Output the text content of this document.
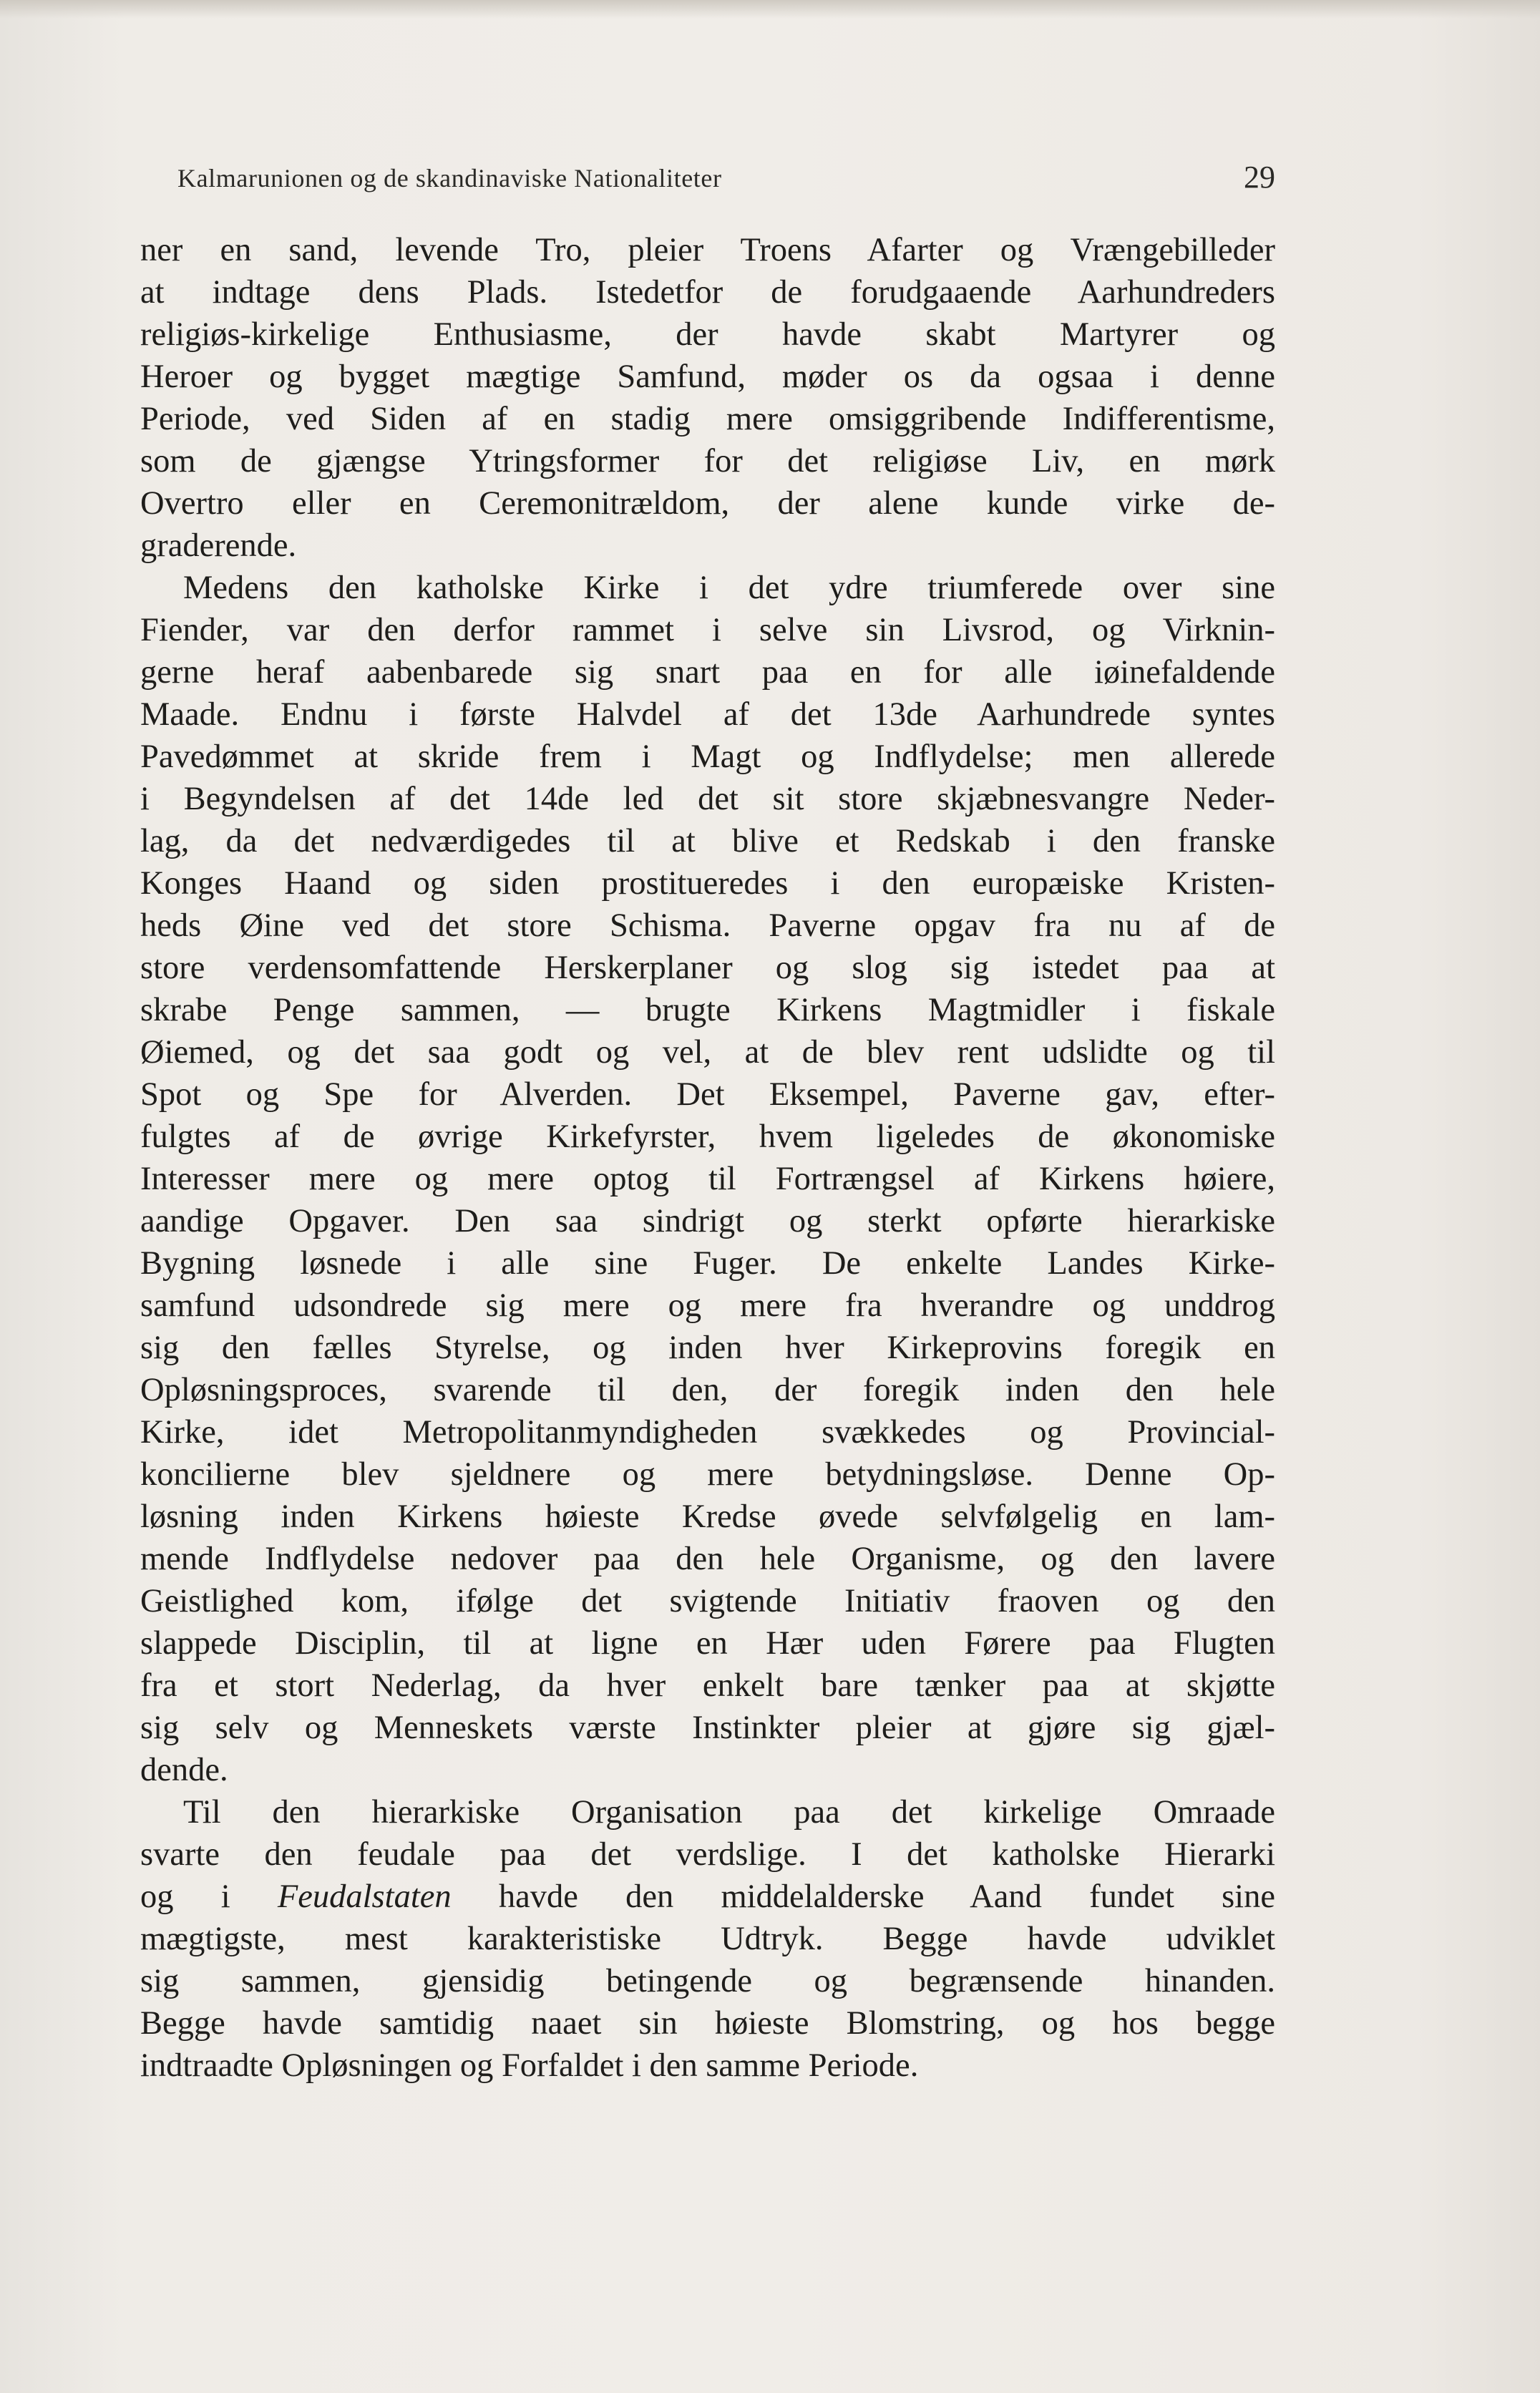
Kalmarunionen og de skandinaviske Nationaliteter	29
ner en sand, levende Tro, pleier Troens Afarter og Vrængebilleder
at indtage dens Plads. Istedetfor de forudgaaende Aarhundreders
religiøs-kirkelige Enthusiasme, der havde skabt Martyrer og
Heroer og bygget mægtige Samfund, møder os da ogsaa i denne
Periode, ved Siden af en stadig mere omsiggribende Indifferentisme,
som de gjængse Ytringsformer for det religiøse Liv, en mørk
Overtro eller en Ceremonitrældom, der alene kunde virke de-
graderende.
Medens den katholske Kirke i det ydre triumferede over sine
Fiender, var den derfor rammet i selve sin Livsrod, og Virknin-
gerne heraf aabenbarede sig snart paa en for alle iøinefaldende
Maade. Endnu i første Halvdel af det 13de Aarhundrede syntes
Pavedømmet at skride frem i Magt og Indflydelse; men allerede
i Begyndelsen af det 14de led det sit store skjæbnesvangre Neder-
lag, da det nedværdigedes til at blive et Redskab i den franske
Konges Haand og siden prostitueredes i den europæiske Kristen-
heds Øine ved det store Schisma. Paverne opgav fra nu af de
store verdensomfattende Herskerplaner og slog sig istedet paa at
skrabe Penge sammen, — brugte Kirkens Magtmidler i fiskale
Øiemed, og det saa godt og vel, at de blev rent udslidte og til
Spot og Spe for Alverden. Det Eksempel, Paverne gav, efter-
fulgtes af de øvrige Kirkefyrster, hvem ligeledes de økonomiske
Interesser mere og mere optog til Fortrængsel af Kirkens høiere,
aandige Opgaver. Den saa sindrigt og sterkt opførte hierarkiske
Bygning løsnede i alle sine Fuger. De enkelte Landes Kirke-
samfund udsondrede sig mere og mere fra hverandre og unddrog
sig den fælles Styrelse, og inden hver Kirkeprovins foregik en
Opløsningsproces, svarende til den, der foregik inden den hele
Kirke, idet Metropolitanmyndigheden svækkedes og Provincial-
koncilierne blev sjeldnere og mere betydningsløse. Denne Op-
løsning inden Kirkens høieste Kredse øvede selvfølgelig en lam-
mende Indflydelse nedover paa den hele Organisme, og den lavere
Geistlighed kom, ifølge det svigtende Initiativ fraoven og den
slappede Disciplin, til at ligne en Hær uden Førere paa Flugten
fra et stort Nederlag, da hver enkelt bare tænker paa at skjøtte
sig selv og Menneskets værste Instinkter pleier at gjøre sig gjæl-
dende.
Til den hierarkiske Organisation paa det kirkelige Omraade
svarte den feudale paa det verdslige. I det katholske Hierarki
og i Feudalstaten havde den middelalderske Aand fundet sine
mægtigste, mest karakteristiske Udtryk. Begge havde udviklet
sig sammen, gjensidig betingende og begrænsende hinanden.
Begge havde samtidig naaet sin høieste Blomstring, og hos begge
indtraadte Opløsningen og Forfaldet i den samme Periode.
